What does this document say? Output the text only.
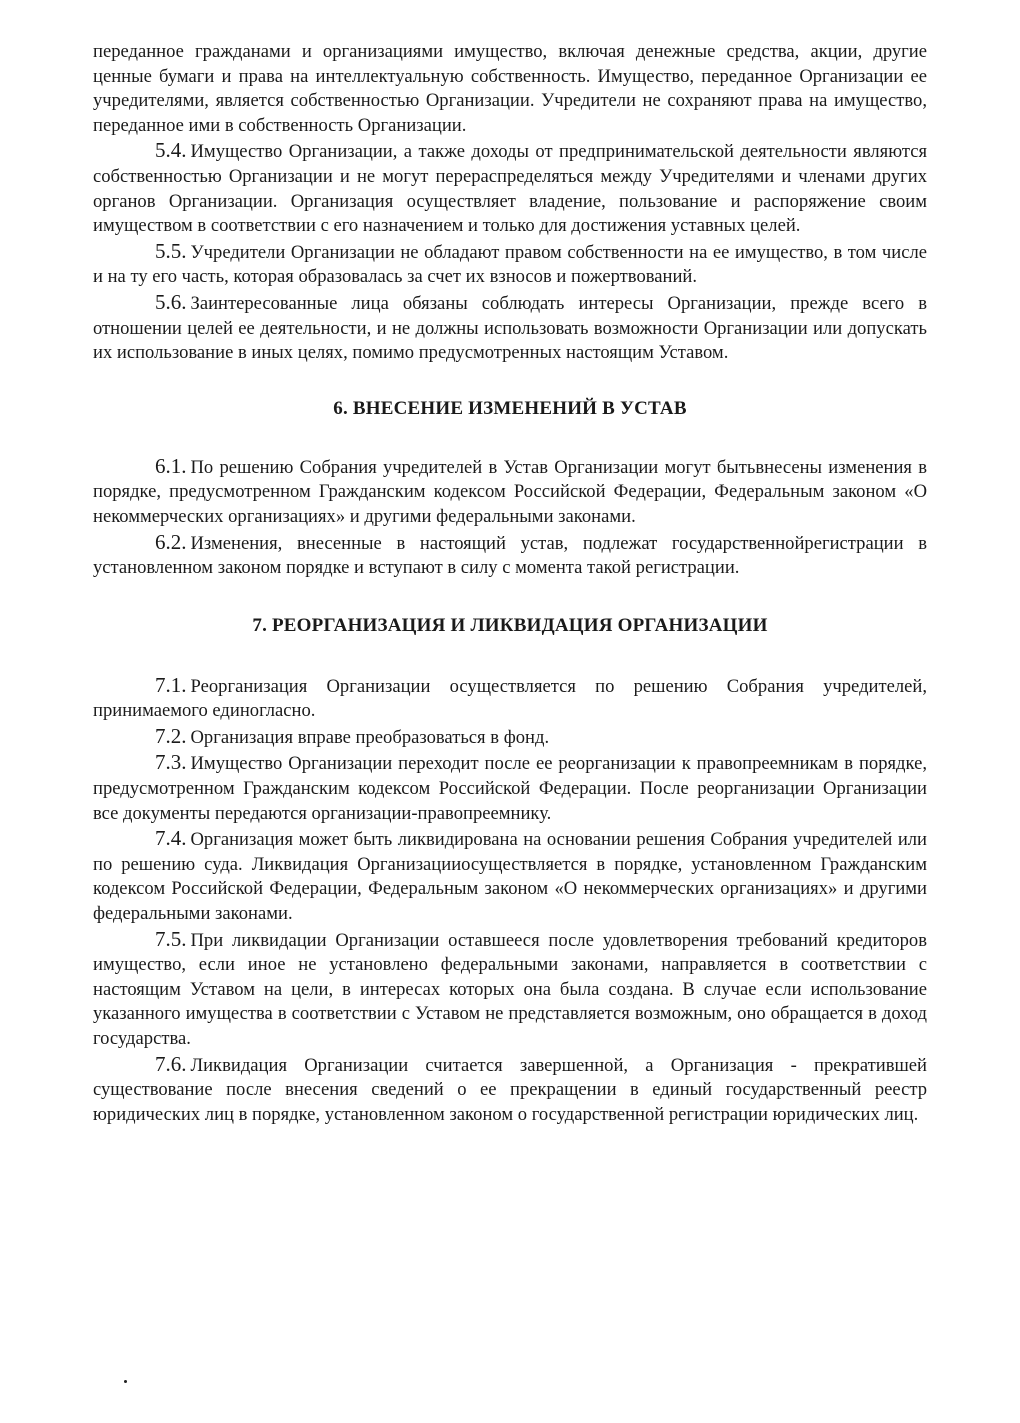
переданное гражданами и организациями имущество, включая денежные средства, акции, другие ценные бумаги и права на интеллектуальную собственность. Имущество, переданное Организации ее учредителями, является собственностью Организации. Учредители не сохраняют права на имущество, переданное ими в собственность Организации.

5.4. Имущество Организации, а также доходы от предпринимательской деятельности являются собственностью Организации и не могут перераспределяться между Учредителями и членами других органов Организации. Организация осуществляет владение, пользование и распоряжение своим имуществом в соответствии с его назначением и только для достижения уставных целей.

5.5. Учредители Организации не обладают правом собственности на ее имущество, в том числе и на ту его часть, которая образовалась за счет их взносов и пожертвований.

5.6. Заинтересованные лица обязаны соблюдать интересы Организации, прежде всего в отношении целей ее деятельности, и не должны использовать возможности Организации или допускать их использование в иных целях, помимо предусмотренных настоящим Уставом.

6. ВНЕСЕНИЕ ИЗМЕНЕНИЙ В УСТАВ

6.1. По решению Собрания учредителей в Устав Организации могут бытьвнесены изменения в порядке, предусмотренном Гражданским кодексом Российской Федерации, Федеральным законом «О некоммерческих организациях» и другими федеральными законами.

6.2. Изменения, внесенные в настоящий устав, подлежат государственнойрегистрации в установленном законом порядке и вступают в силу с момента такой регистрации.

7. РЕОРГАНИЗАЦИЯ И ЛИКВИДАЦИЯ ОРГАНИЗАЦИИ

7.1. Реорганизация Организации осуществляется по решению Собрания учредителей, принимаемого единогласно.

7.2. Организация вправе преобразоваться в фонд.

7.3. Имущество Организации переходит после ее реорганизации к правопреемникам в порядке, предусмотренном Гражданским кодексом Российской Федерации. После реорганизации Организации все документы передаются организации-правопреемнику.

7.4. Организация может быть ликвидирована на основании решения Собрания учредителей или по решению суда. Ликвидация Организацииосуществляется в порядке, установленном Гражданским кодексом Российской Федерации, Федеральным законом «О некоммерческих организациях» и другими федеральными законами.

7.5. При ликвидации Организации оставшееся после удовлетворения требований кредиторов имущество, если иное не установлено федеральными законами, направляется в соответствии с настоящим Уставом на цели, в интересах которых она была создана. В случае если использование указанного имущества в соответствии с Уставом не представляется возможным, оно обращается в доход государства.

7.6. Ликвидация Организации считается завершенной, а Организация - прекратившей существование после внесения сведений о ее прекращении в единый государственный реестр юридических лиц в порядке, установленном законом о государственной регистрации юридических лиц.
